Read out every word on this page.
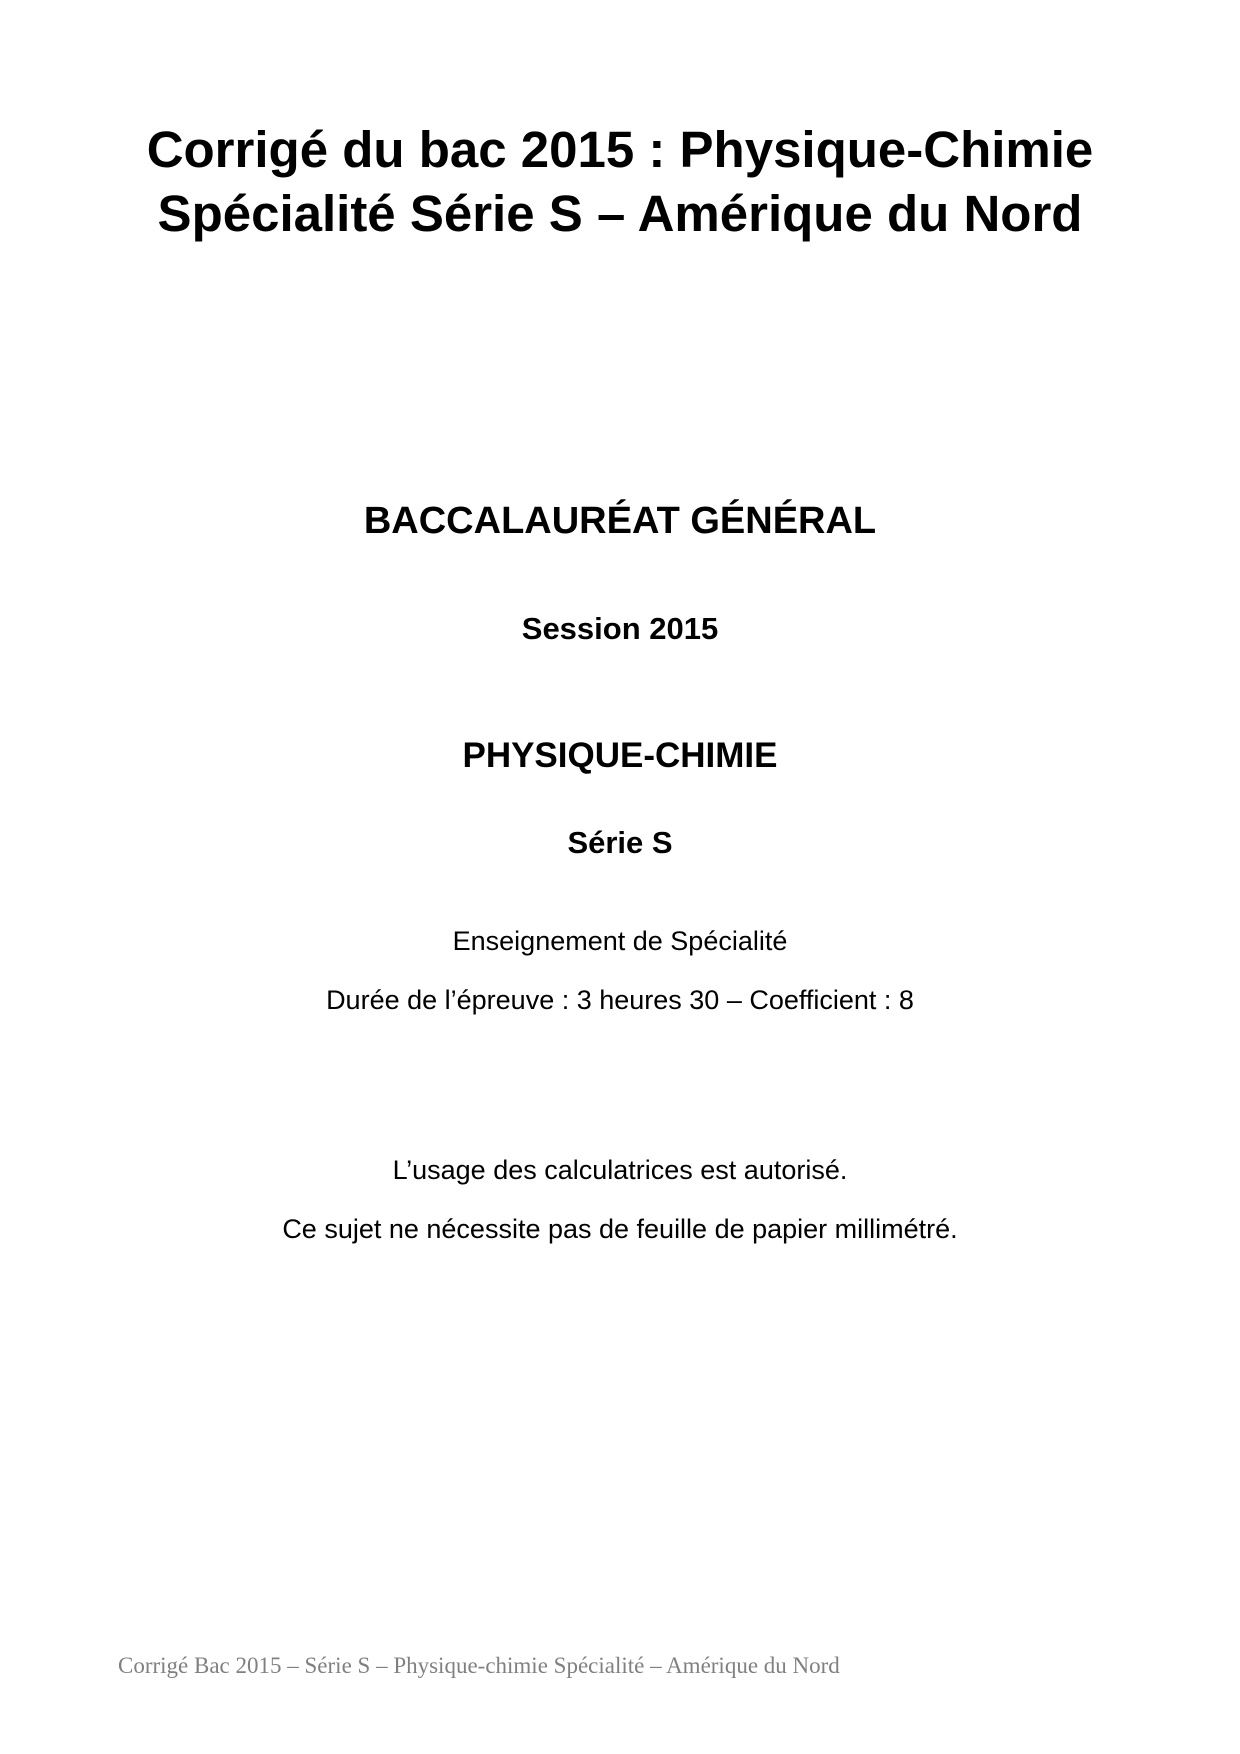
Corrigé du bac 2015 : Physique-Chimie Spécialité Série S – Amérique du Nord
BACCALAURÉAT GÉNÉRAL
Session 2015
PHYSIQUE-CHIMIE
Série S
Enseignement de Spécialité
Durée de l’épreuve : 3 heures 30 – Coefficient : 8
L’usage des calculatrices est autorisé.
Ce sujet ne nécessite pas de feuille de papier millimétré.
Corrigé Bac 2015 – Série S – Physique-chimie Spécialité – Amérique du Nord
